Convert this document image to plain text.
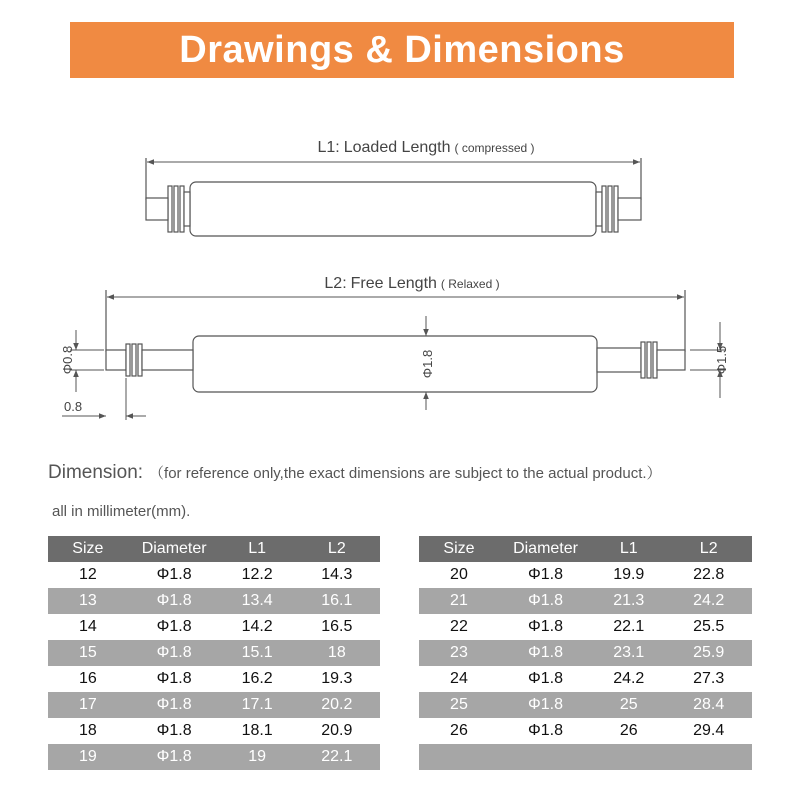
Drawings & Dimensions
L1: Loaded Length ( compressed )
L2: Free Length ( Relaxed )
Φ0.8
0.8
Φ1.8	Φ1.5
Dimension: （for reference only,the exact dimensions are subject to the actual product.）
all in millimeter(mm).
Size	Diameter	L1	L2
12	Φ1.8	12.2	14.3
13	Φ1.8	13.4	16.1
14	Φ1.8	14.2	16.5
15	Φ1.8	15.1	18
16	Φ1.8	16.2	19.3
17	Φ1.8	17.1	20.2
18	Φ1.8	18.1	20.9
19	Φ1.8	19	22.1
Size	Diameter	L1	L2
20	Φ1.8	19.9	22.8
21	Φ1.8	21.3	24.2
22	Φ1.8	22.1	25.5
23	Φ1.8	23.1	25.9
24	Φ1.8	24.2	27.3
25	Φ1.8	25	28.4
26	Φ1.8	26	29.4
